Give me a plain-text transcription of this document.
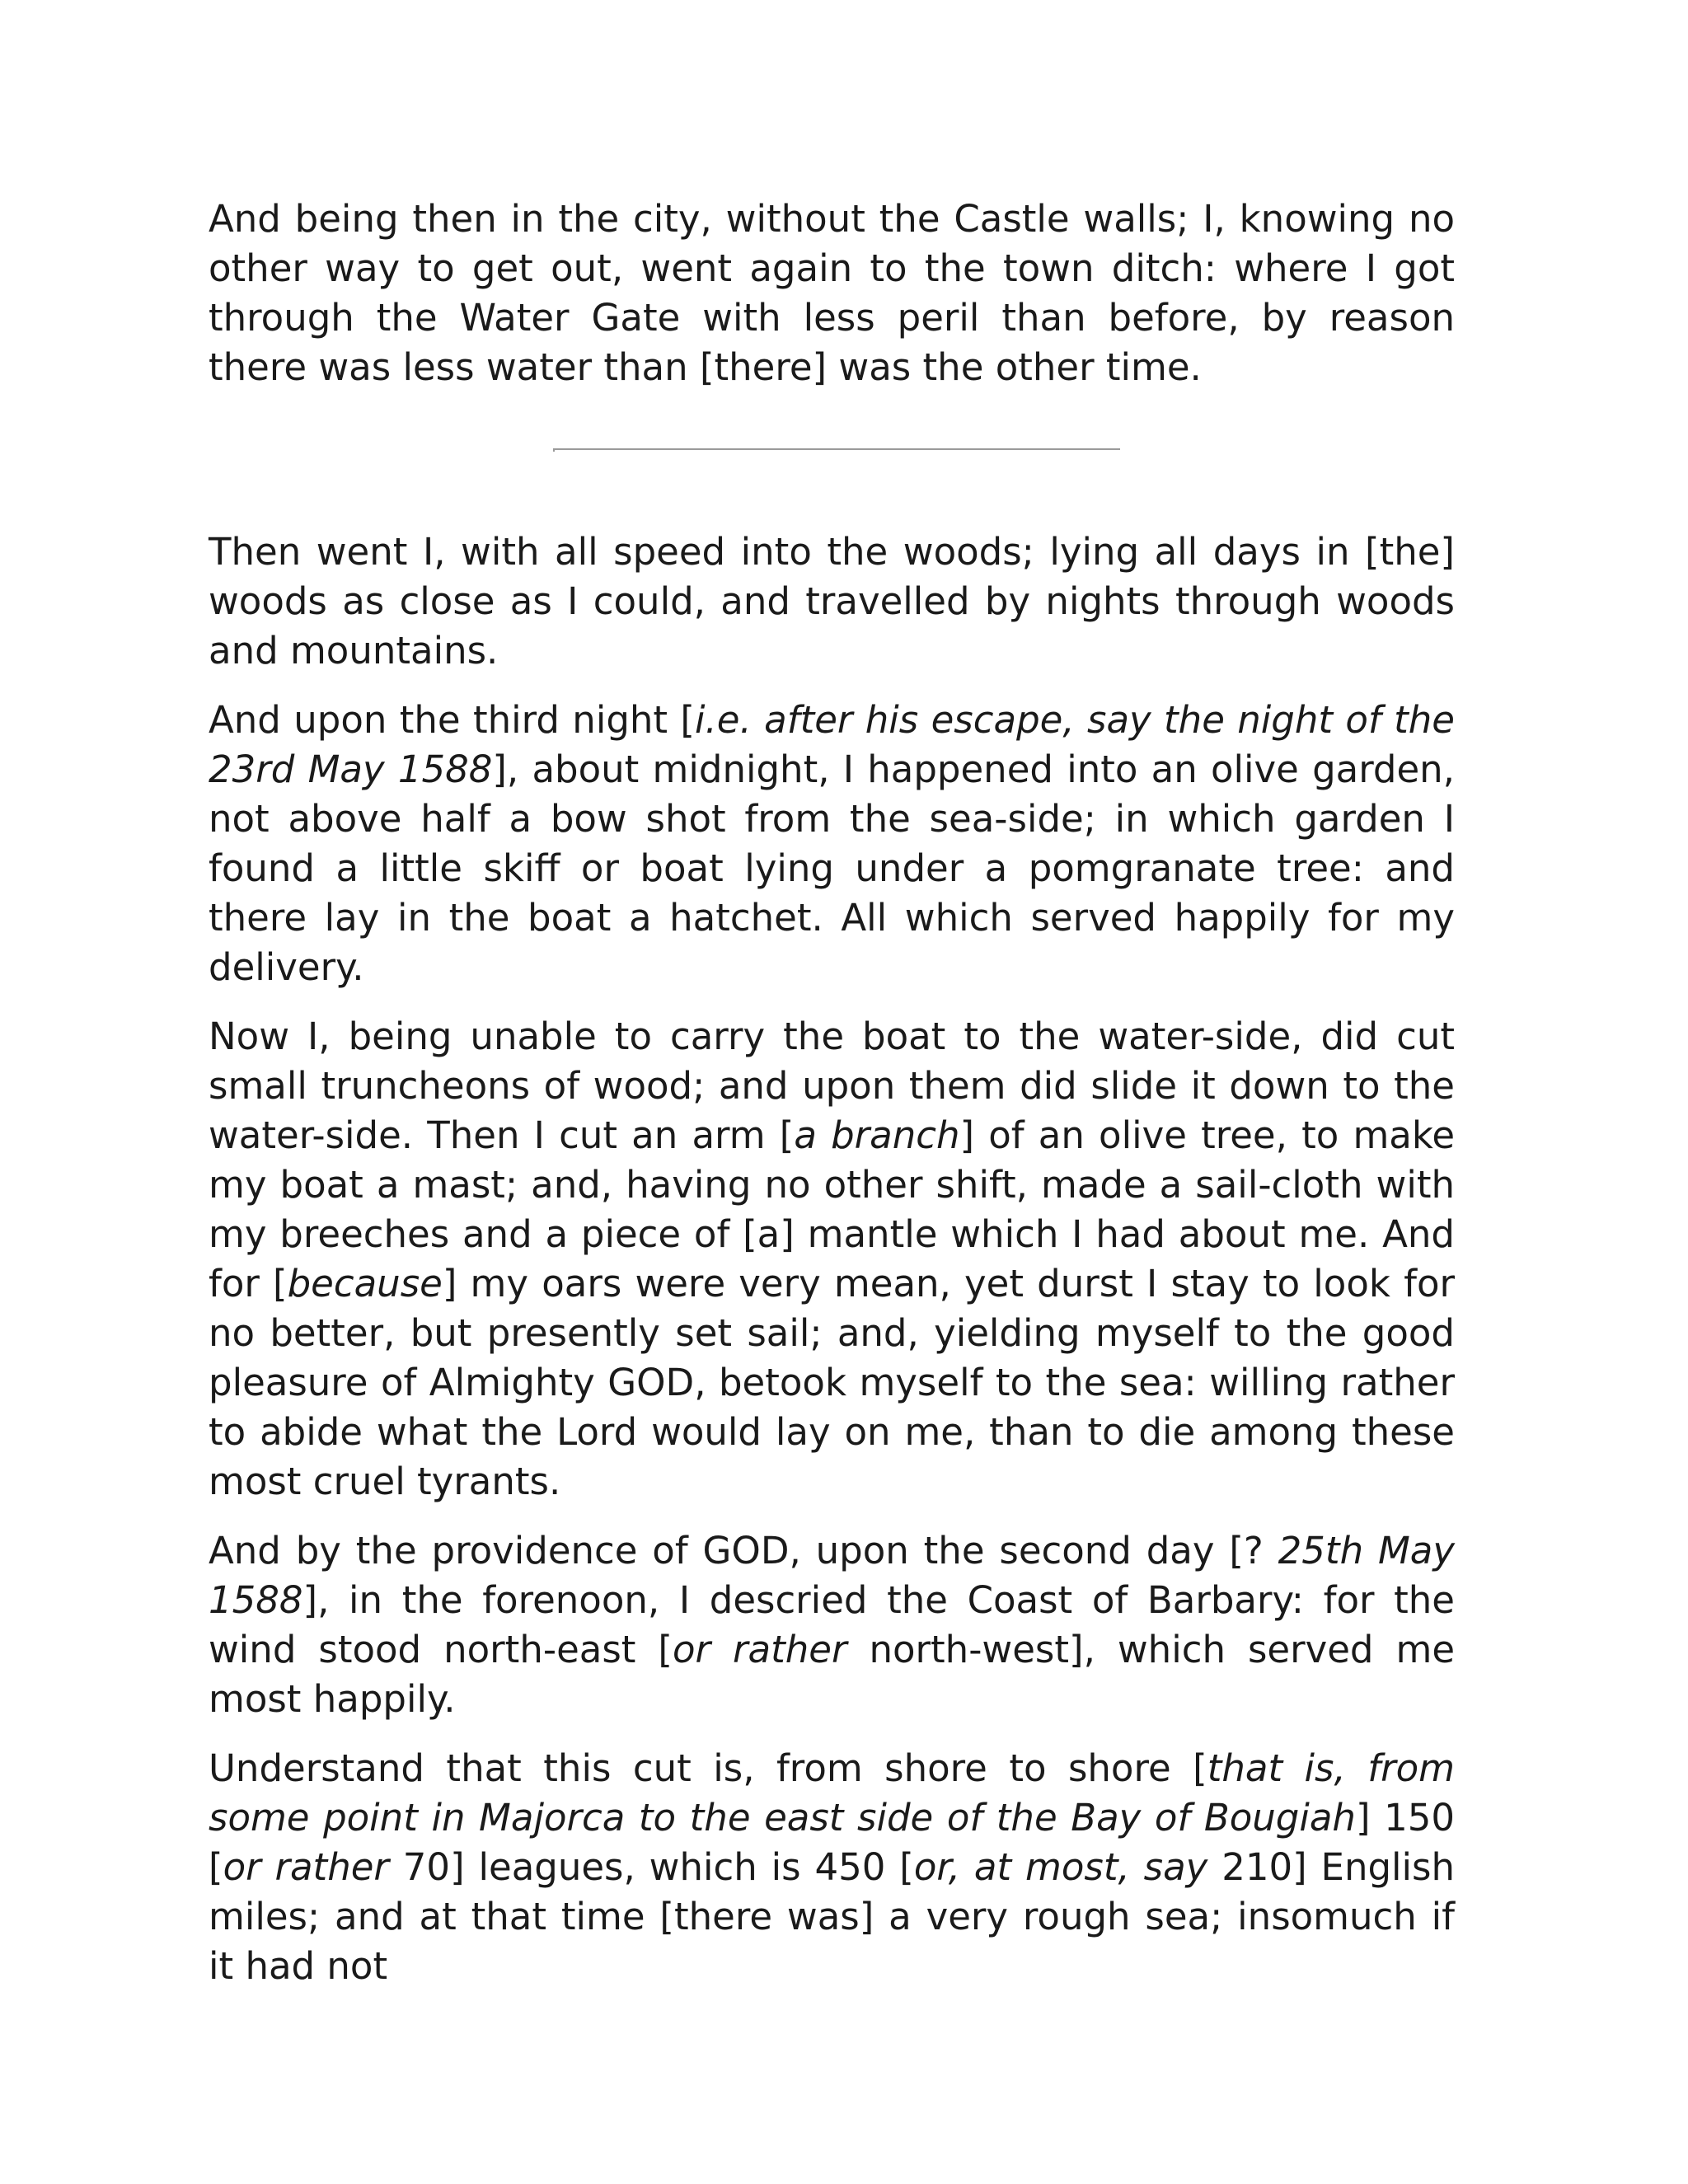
And being then in the city, without the Castle walls; I, knowing no other way to get out, went again to the town ditch: where I got through the Water Gate with less peril than before, by reason there was less water than [there] was the other time.

Then went I, with all speed into the woods; lying all days in [the] woods as close as I could, and travelled by nights through woods and mountains.

And upon the third night [i.e. after his escape, say the night of the 23rd May 1588], about midnight, I happened into an olive garden, not above half a bow shot from the sea-side; in which garden I found a little skiff or boat lying under a pomgranate tree: and there lay in the boat a hatchet. All which served happily for my delivery.

Now I, being unable to carry the boat to the water-side, did cut small truncheons of wood; and upon them did slide it down to the water-side. Then I cut an arm [a branch] of an olive tree, to make my boat a mast; and, having no other shift, made a sail-cloth with my breeches and a piece of [a] mantle which I had about me. And for [because] my oars were very mean, yet durst I stay to look for no better, but presently set sail; and, yielding myself to the good pleasure of Almighty GOD, betook myself to the sea: willing rather to abide what the Lord would lay on me, than to die among these most cruel tyrants.

And by the providence of GOD, upon the second day [? 25th May 1588], in the forenoon, I descried the Coast of Barbary: for the wind stood north-east [or rather north-west], which served me most happily.

Understand that this cut is, from shore to shore [that is, from some point in Majorca to the east side of the Bay of Bougiah] 150 [or rather 70] leagues, which is 450 [or, at most, say 210] English miles; and at that time [there was] a very rough sea; insomuch if it had not
